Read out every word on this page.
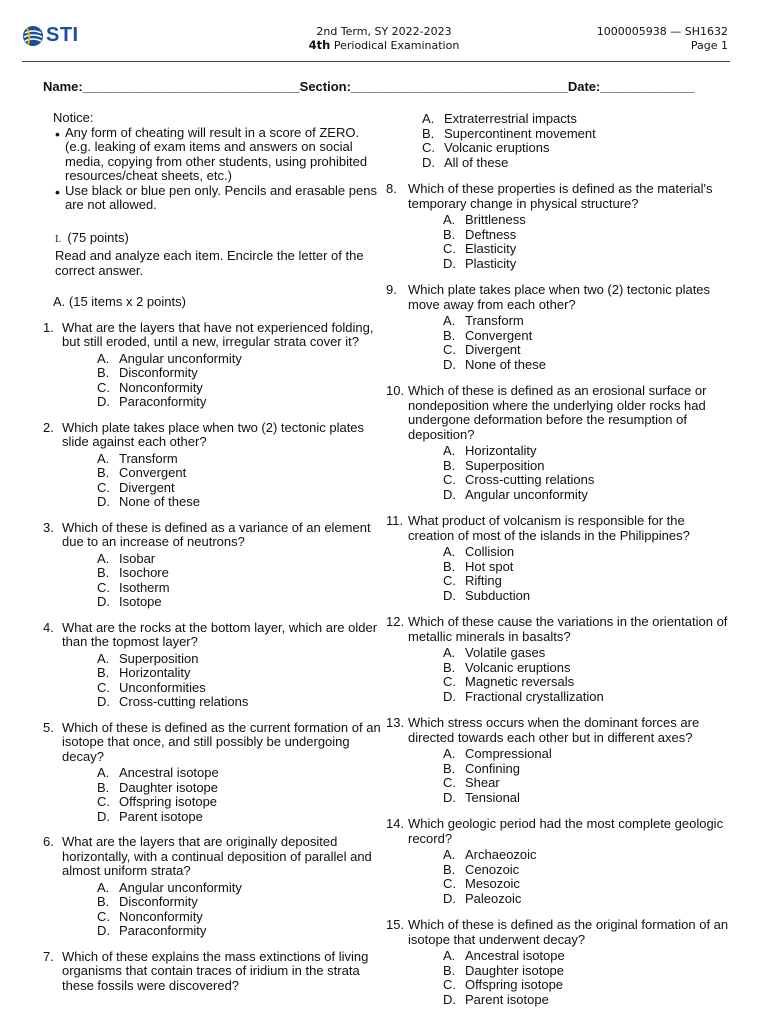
STI	2nd Term, SY 2022-2023
4th Periodical Examination
1000005938 — SH1632
Page 1
Name:______________________________Section:______________________________Date:_____________
Notice:
• Any form of cheating will result in a score of ZERO. (e.g. leaking of exam items and answers on social media, copying from other students, using prohibited resources/cheat sheets, etc.)
• Use black or blue pen only. Pencils and erasable pens are not allowed.
I. (75 points)
Read and analyze each item. Encircle the letter of the correct answer.
A. (15 items x 2 points)
1. What are the layers that have not experienced folding, but still eroded, until a new, irregular strata cover it?
A. Angular unconformity
B. Disconformity
C. Nonconformity
D. Paraconformity
2. Which plate takes place when two (2) tectonic plates slide against each other?
A. Transform
B. Convergent
C. Divergent
D. None of these
3. Which of these is defined as a variance of an element due to an increase of neutrons?
A. Isobar
B. Isochore
C. Isotherm
D. Isotope
4. What are the rocks at the bottom layer, which are older than the topmost layer?
A. Superposition
B. Horizontality
C. Unconformities
D. Cross-cutting relations
5. Which of these is defined as the current formation of an isotope that once, and still possibly be undergoing decay?
A. Ancestral isotope
B. Daughter isotope
C. Offspring isotope
D. Parent isotope
6. What are the layers that are originally deposited horizontally, with a continual deposition of parallel and almost uniform strata?
A. Angular unconformity
B. Disconformity
C. Nonconformity
D. Paraconformity
7. Which of these explains the mass extinctions of living organisms that contain traces of iridium in the strata these fossils were discovered?
A. Extraterrestrial impacts
B. Supercontinent movement
C. Volcanic eruptions
D. All of these
8. Which of these properties is defined as the material's temporary change in physical structure?
A. Brittleness
B. Deftness
C. Elasticity
D. Plasticity
9. Which plate takes place when two (2) tectonic plates move away from each other?
A. Transform
B. Convergent
C. Divergent
D. None of these
10. Which of these is defined as an erosional surface or nondeposition where the underlying older rocks had undergone deformation before the resumption of deposition?
A. Horizontality
B. Superposition
C. Cross-cutting relations
D. Angular unconformity
11. What product of volcanism is responsible for the creation of most of the islands in the Philippines?
A. Collision
B. Hot spot
C. Rifting
D. Subduction
12. Which of these cause the variations in the orientation of metallic minerals in basalts?
A. Volatile gases
B. Volcanic eruptions
C. Magnetic reversals
D. Fractional crystallization
13. Which stress occurs when the dominant forces are directed towards each other but in different axes?
A. Compressional
B. Confining
C. Shear
D. Tensional
14. Which geologic period had the most complete geologic record?
A. Archaeozoic
B. Cenozoic
C. Mesozoic
D. Paleozoic
15. Which of these is defined as the original formation of an isotope that underwent decay?
A. Ancestral isotope
B. Daughter isotope
C. Offspring isotope
D. Parent isotope
